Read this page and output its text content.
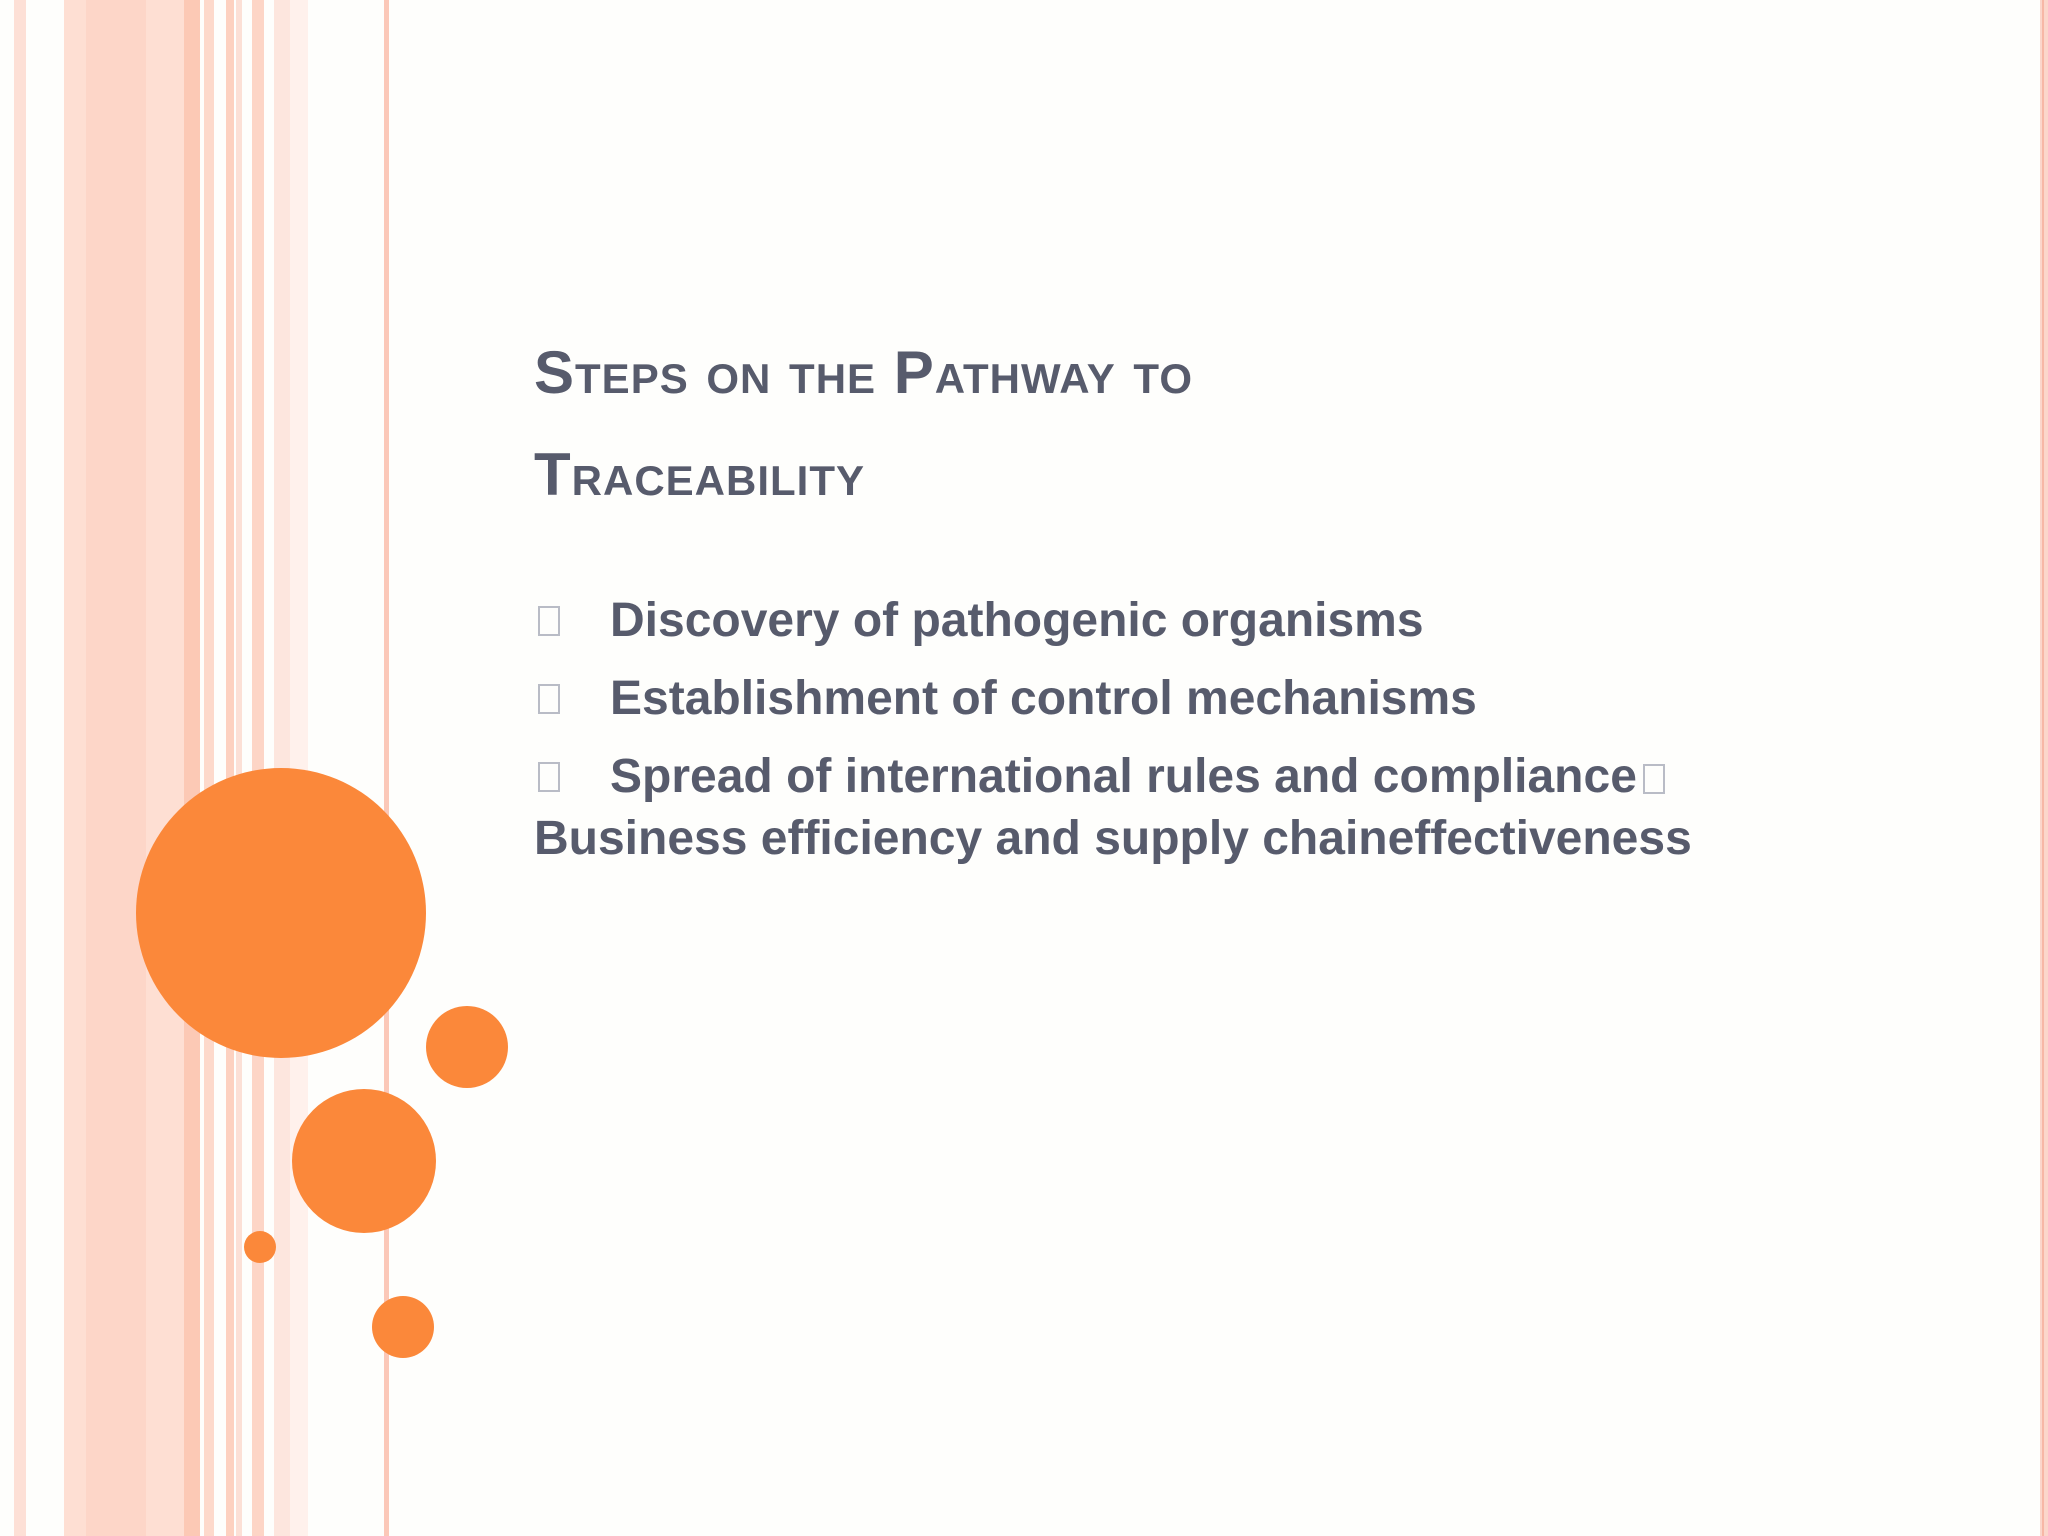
Steps on the Pathway to
Traceability
Discovery of pathogenic organisms
Establishment of control mechanisms
Spread of international rules and compliance
Business efficiency and supply chaineffectiveness
